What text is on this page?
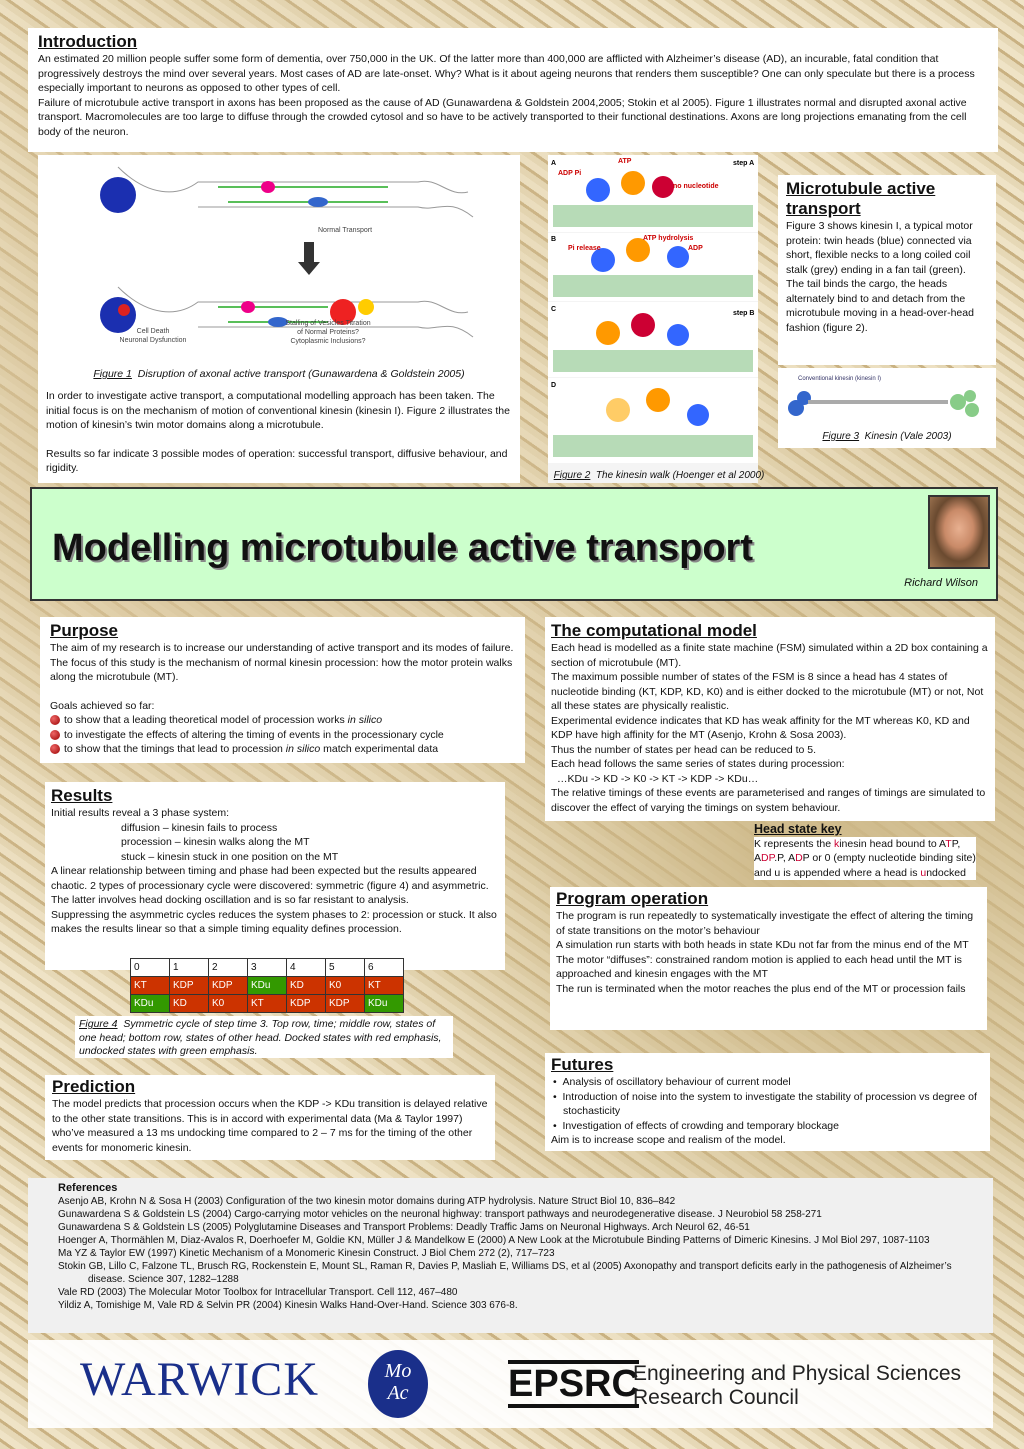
Introduction

An estimated 20 million people suffer some form of dementia, over 750,000 in the UK. Of the latter more than 400,000 are afflicted with Alzheimer’s disease (AD), an incurable, fatal condition that progressively destroys the mind over several years. Most cases of AD are late-onset. Why? What is it about ageing neurons that renders them susceptible? One can only speculate but there is a process especially important to neurons as opposed to other types of cell.

Failure of microtubule active transport in axons has been proposed as the cause of AD (Gunawardena & Goldstein 2004,2005; Stokin et al 2005). Figure 1 illustrates normal and disrupted axonal active transport. Macromolecules are too large to diffuse through the crowded cytosol and so have to be actively transported to their functional destinations. Axons are long projections emanating from the cell body of the neuron.

Normal Transport
Cell Death
Neuronal Dysfunction
Stalling of Vesicles Titration
of Normal Proteins?
Cytoplasmic Inclusions?
Figure 1 Disruption of axonal active transport (Gunawardena & Goldstein 2005)

In order to investigate active transport, a computational modelling approach has been taken. The initial focus is on the mechanism of motion of conventional kinesin (kinesin I). Figure 2 illustrates the motion of kinesin’s twin motor domains along a microtubule.

Results so far indicate 3 possible modes of operation: successful transport, diffusive behaviour, and rigidity.

A
B
C
D
step A
step B
ATP
ADP Pi
no nucleotide
Pi release
ATP hydrolysis
ADP
Figure 2 The kinesin walk (Hoenger et al 2000)
Microtubule active transport

Figure 3 shows kinesin I, a typical motor protein: twin heads (blue) connected via short, flexible necks to a long coiled coil stalk (grey) ending in a fan tail (green).

The tail binds the cargo, the heads alternately bind to and detach from the microtubule moving in a head-over-head fashion (figure 2).

Conventional kinesin (kinesin I)
Figure 3 Kinesin (Vale 2003)
Modelling microtubule active transport
Richard Wilson
Purpose

The aim of my research is to increase our understanding of active transport and its modes of failure. The focus of this study is the mechanism of normal kinesin procession: how the motor protein walks along the microtubule (MT).

Goals achieved so far:

to show that a leading theoretical model of procession works in silico
to investigate the effects of altering the timing of events in the processionary cycle
to show that the timings that lead to procession in silico match experimental data
The computational model

Each head is modelled as a finite state machine (FSM) simulated within a 2D box containing a section of microtubule (MT).

The maximum possible number of states of the FSM is 8 since a head has 4 states of nucleotide binding (KT, KDP, KD, K0) and is either docked to the microtubule (MT) or not, Not all these states are physically realistic.

Experimental evidence indicates that KD has weak affinity for the MT whereas K0, KD and KDP have high affinity for the MT (Asenjo, Krohn & Sosa 2003).

Thus the number of states per head can be reduced to 5.

Each head follows the same series of states during procession:

…KDu -> KD -> K0 -> KT -> KDP -> KDu…

The relative timings of these events are parameterised and ranges of timings are simulated to discover the effect of varying the timings on system behaviour.

Head state key
K represents the kinesin head bound to ATP, ADP.P, ADP or 0 (empty nucleotide binding site) and u is appended where a head is undocked
Results

Initial results reveal a 3 phase system:

diffusion – kinesin fails to process

procession – kinesin walks along the MT

stuck – kinesin stuck in one position on the MT

A linear relationship between timing and phase had been expected but the results appeared chaotic. 2 types of processionary cycle were discovered: symmetric (figure 4) and asymmetric. The latter involves head docking oscillation and is so far resistant to analysis.

Suppressing the asymmetric cycles reduces the system phases to 2: procession or stuck. It also makes the results linear so that a simple timing equality defines procession.

0	1	2	3	4	5	6
KT	KDP	KDP	KDu	KD	K0	KT
KDu	KD	K0	KT	KDP	KDP	KDu
Figure 4 Symmetric cycle of step time 3. Top row, time; middle row, states of one head; bottom row, states of other head. Docked states with red emphasis, undocked states with green emphasis.
Program operation

The program is run repeatedly to systematically investigate the effect of altering the timing of state transitions on the motor’s behaviour

A simulation run starts with both heads in state KDu not far from the minus end of the MT

The motor “diffuses”: constrained random motion is applied to each head until the MT is approached and kinesin engages with the MT

The run is terminated when the motor reaches the plus end of the MT or procession fails

Futures
•  Analysis of oscillatory behaviour of current model
•  Introduction of noise into the system to investigate the stability of procession vs degree of stochasticity
•  Investigation of effects of crowding and temporary blockage

Aim is to increase scope and realism of the model.

Prediction

The model predicts that procession occurs when the KDP -> KDu transition is delayed relative to the other state transitions. This is in accord with experimental data (Ma & Taylor 1997) who’ve measured a 13 ms undocking time compared to 2 – 7 ms for the timing of the other events for monomeric kinesin.

References
Asenjo AB, Krohn N & Sosa H (2003) Configuration of the two kinesin motor domains during ATP hydrolysis. Nature Struct Biol 10, 836–842
Gunawardena S & Goldstein LS (2004) Cargo-carrying motor vehicles on the neuronal highway: transport pathways and neurodegenerative disease. J Neurobiol 58 258-271
Gunawardena S & Goldstein LS (2005) Polyglutamine Diseases and Transport Problems: Deadly Traffic Jams on Neuronal Highways. Arch Neurol 62, 46-51
Hoenger A, Thormählen M, Diaz-Avalos R, Doerhoefer M, Goldie KN, Müller J & Mandelkow E (2000) A New Look at the Microtubule Binding Patterns of Dimeric Kinesins. J Mol Biol 297, 1087-1103
Ma YZ & Taylor EW (1997) Kinetic Mechanism of a Monomeric Kinesin Construct. J Biol Chem 272 (2), 717–723
Stokin GB, Lillo C, Falzone TL, Brusch RG, Rockenstein E, Mount SL, Raman R, Davies P, Masliah E, Williams DS, et al (2005) Axonopathy and transport deficits early in the pathogenesis of Alzheimer’s disease. Science 307, 1282–1288
Vale RD (2003) The Molecular Motor Toolbox for Intracellular Transport. Cell 112, 467–480
Yildiz A, Tomishige M, Vale RD & Selvin PR (2004) Kinesin Walks Hand-Over-Hand. Science 303 676-8.
WARWICK	Mo
Ac	EPSRC
Engineering and Physical Sciences
Research Council
